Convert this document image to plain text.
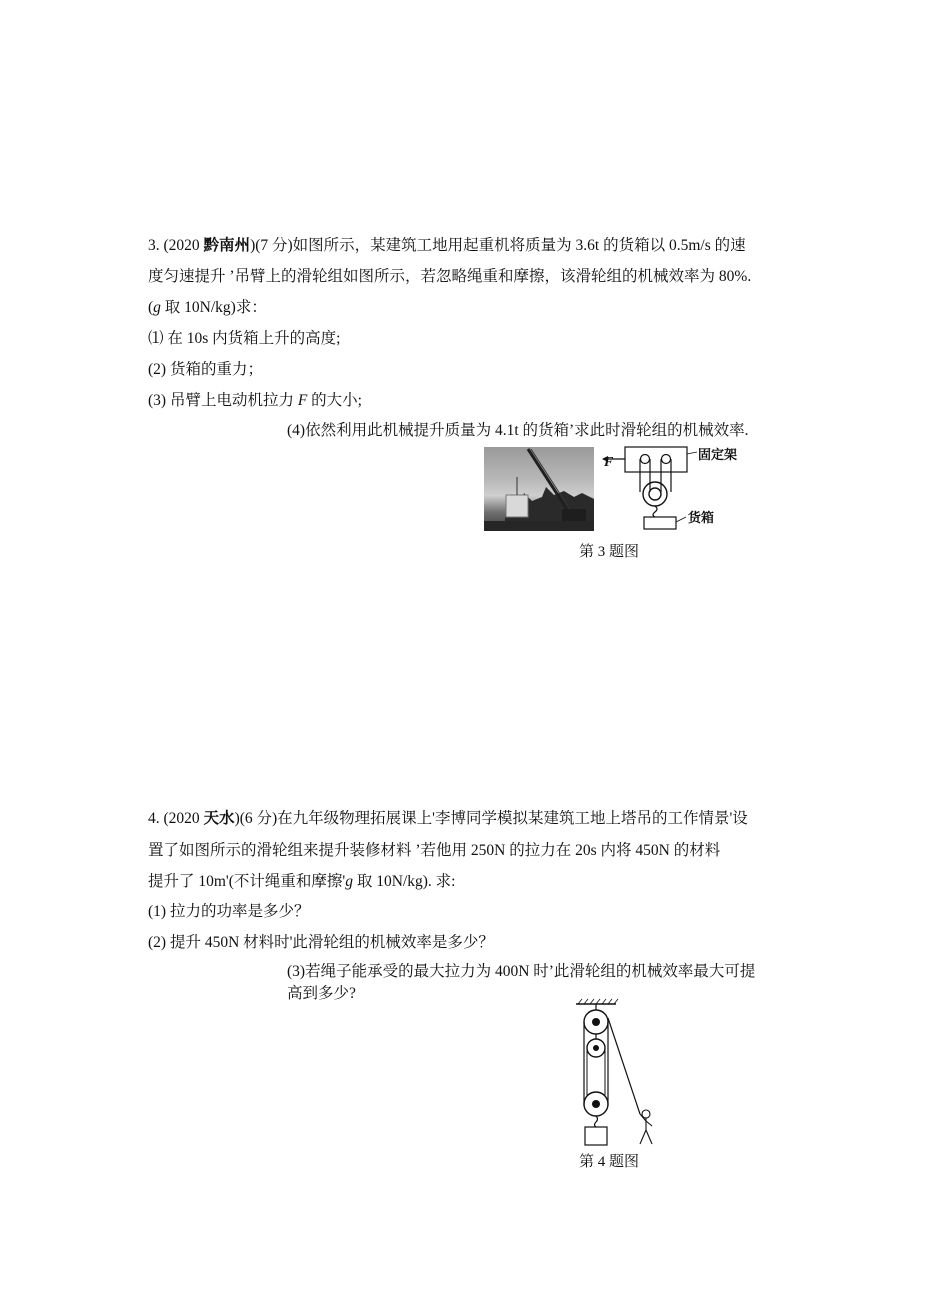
3. (2020 黔南州)(7 分)如图所示，某建筑工地用起重机将质量为 3.6t 的货箱以 0.5m/s 的速
度匀速提升 ’吊臂上的滑轮组如图所示，若忽略绳重和摩擦，该滑轮组的机械效率为 80%.
(g 取 10N/kg)求：
⑴ 在 10s 内货箱上升的高度;
(2) 货箱的重力；
(3) 吊臂上电动机拉力 F 的大小;
(4)依然利用此机械提升质量为 4.1t 的货箱’求此时滑轮组的机械效率.
F
固定架
货箱
第 3 题图
4. (2020 天水)(6 分)在九年级物理拓展课上'李博同学模拟某建筑工地上塔吊的工作情景'设
置了如图所示的滑轮组来提升装修材料 ’若他用 250N 的拉力在 20s 内将 450N 的材料
提升了 10m'(不计绳重和摩擦'g 取 10N/kg). 求:
(1) 拉力的功率是多少？
(2) 提升 450N 材料时'此滑轮组的机械效率是多少？
(3)若绳子能承受的最大拉力为 400N 时’此滑轮组的机械效率最大可提
高到多少?
第 4 题图
